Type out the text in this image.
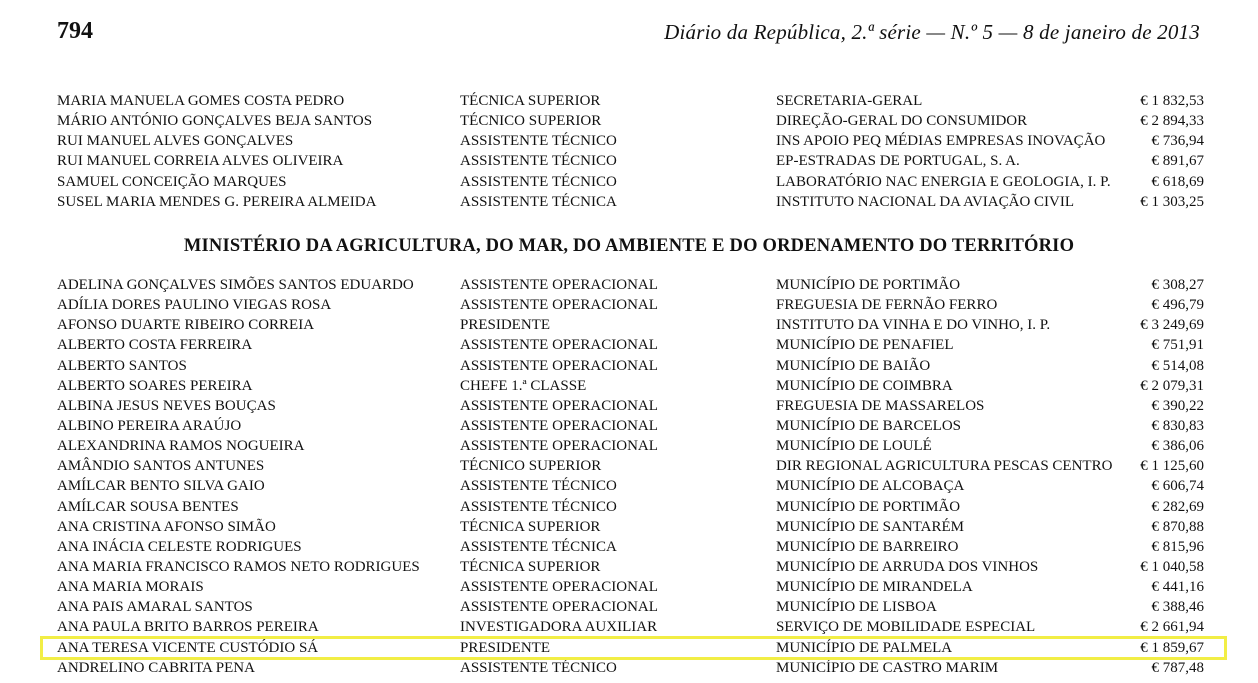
794	Diário da República, 2.ª série — N.º 5 — 8 de janeiro de 2013
MARIA MANUELA GOMES COSTA PEDRO	TÉCNICA SUPERIOR	SECRETARIA-GERAL	€ 1 832,53
MÁRIO ANTÓNIO GONÇALVES BEJA SANTOS	TÉCNICO SUPERIOR	DIREÇÃO-GERAL DO CONSUMIDOR	€ 2 894,33
RUI MANUEL ALVES GONÇALVES	ASSISTENTE TÉCNICO	INS APOIO PEQ MÉDIAS EMPRESAS INOVAÇÃO	€ 736,94
RUI MANUEL CORREIA ALVES OLIVEIRA	ASSISTENTE TÉCNICO	EP-ESTRADAS DE PORTUGAL, S. A.	€ 891,67
SAMUEL CONCEIÇÃO MARQUES	ASSISTENTE TÉCNICO	LABORATÓRIO NAC ENERGIA E GEOLOGIA, I. P.	€ 618,69
SUSEL MARIA MENDES G. PEREIRA ALMEIDA	ASSISTENTE TÉCNICA	INSTITUTO NACIONAL DA AVIAÇÃO CIVIL	€ 1 303,25
MINISTÉRIO DA AGRICULTURA, DO MAR, DO AMBIENTE E DO ORDENAMENTO DO TERRITÓRIO
ADELINA GONÇALVES SIMÕES SANTOS EDUARDO	ASSISTENTE OPERACIONAL	MUNICÍPIO DE PORTIMÃO	€ 308,27
ADÍLIA DORES PAULINO VIEGAS ROSA	ASSISTENTE OPERACIONAL	FREGUESIA DE FERNÃO FERRO	€ 496,79
AFONSO DUARTE RIBEIRO CORREIA	PRESIDENTE	INSTITUTO DA VINHA E DO VINHO, I. P.	€ 3 249,69
ALBERTO COSTA FERREIRA	ASSISTENTE OPERACIONAL	MUNICÍPIO DE PENAFIEL	€ 751,91
ALBERTO SANTOS	ASSISTENTE OPERACIONAL	MUNICÍPIO DE BAIÃO	€ 514,08
ALBERTO SOARES PEREIRA	CHEFE 1.ª CLASSE	MUNICÍPIO DE COIMBRA	€ 2 079,31
ALBINA JESUS NEVES BOUÇAS	ASSISTENTE OPERACIONAL	FREGUESIA DE MASSARELOS	€ 390,22
ALBINO PEREIRA ARAÚJO	ASSISTENTE OPERACIONAL	MUNICÍPIO DE BARCELOS	€ 830,83
ALEXANDRINA RAMOS NOGUEIRA	ASSISTENTE OPERACIONAL	MUNICÍPIO DE LOULÉ	€ 386,06
AMÂNDIO SANTOS ANTUNES	TÉCNICO SUPERIOR	DIR REGIONAL AGRICULTURA PESCAS CENTRO € 1 125,60
AMÍLCAR BENTO SILVA GAIO	ASSISTENTE TÉCNICO	MUNICÍPIO DE ALCOBAÇA	€ 606,74
AMÍLCAR SOUSA BENTES	ASSISTENTE TÉCNICO	MUNICÍPIO DE PORTIMÃO	€ 282,69
ANA CRISTINA AFONSO SIMÃO	TÉCNICA SUPERIOR	MUNICÍPIO DE SANTARÉM	€ 870,88
ANA INÁCIA CELESTE RODRIGUES	ASSISTENTE TÉCNICA	MUNICÍPIO DE BARREIRO	€ 815,96
ANA MARIA FRANCISCO RAMOS NETO RODRIGUES	TÉCNICA SUPERIOR	MUNICÍPIO DE ARRUDA DOS VINHOS	€ 1 040,58
ANA MARIA MORAIS	ASSISTENTE OPERACIONAL	MUNICÍPIO DE MIRANDELA	€ 441,16
ANA PAIS AMARAL SANTOS	ASSISTENTE OPERACIONAL	MUNICÍPIO DE LISBOA	€ 388,46
ANA PAULA BRITO BARROS PEREIRA	INVESTIGADORA AUXILIAR	SERVIÇO DE MOBILIDADE ESPECIAL	€ 2 661,94
ANA TERESA VICENTE CUSTÓDIO SÁ	PRESIDENTE	MUNICÍPIO DE PALMELA	€ 1 859,67
ANDRELINO CABRITA PENA	ASSISTENTE TÉCNICO	MUNICÍPIO DE CASTRO MARIM	€ 787,48
